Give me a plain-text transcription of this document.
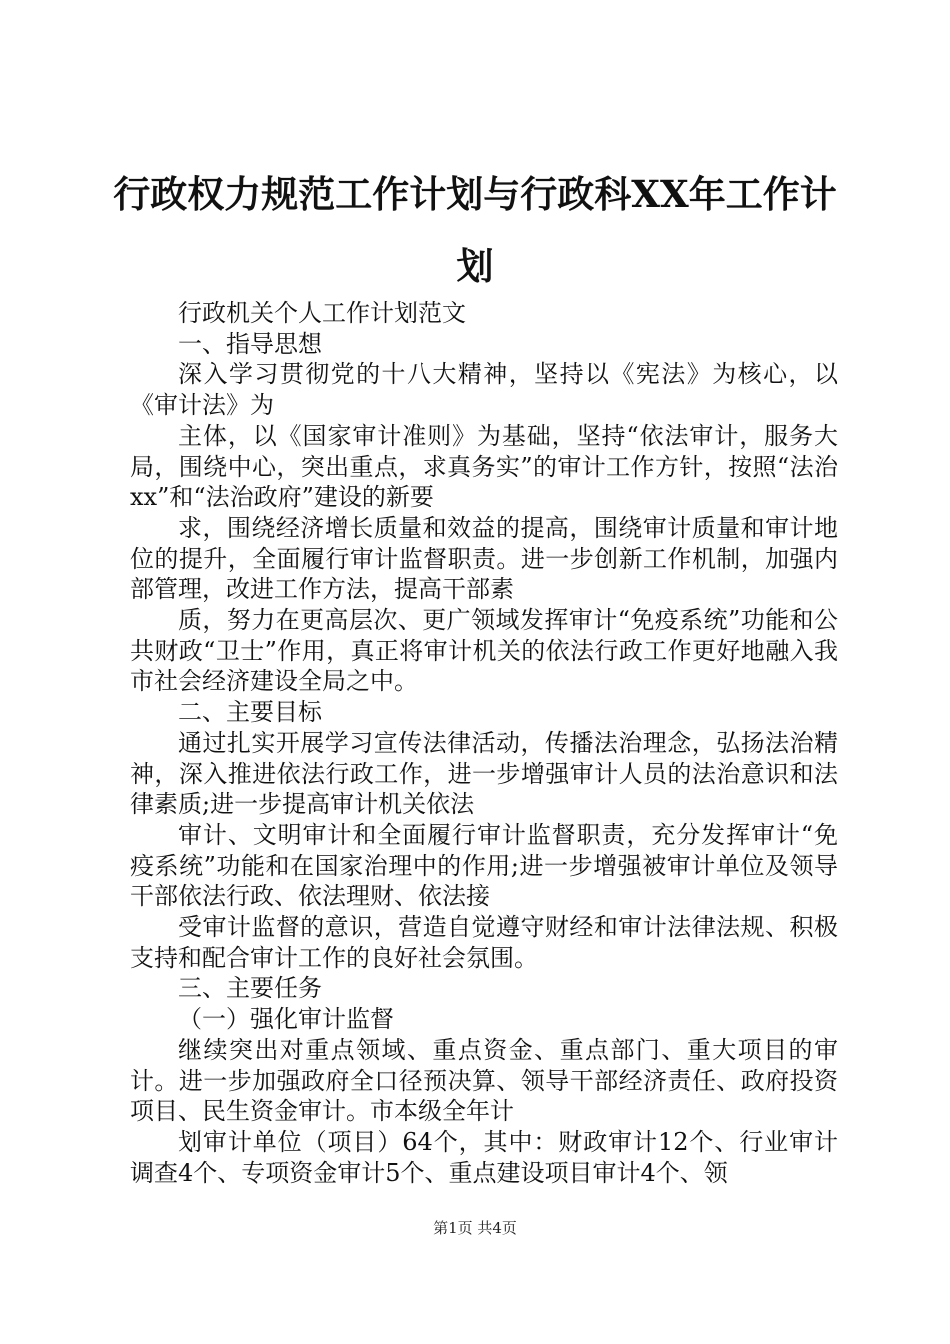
行政权力规范工作计划与行政科XX年工作计
划

行政机关个人工作计划范文

一、指导思想

深入学习贯彻党的十八大精神，坚持以《宪法》为核心，以《审计法》为

主体，以《国家审计准则》为基础，坚持“依法审计，服务大局，围绕中心，突出重点，求真务实”的审计工作方针，按照“法治xx”和“法治政府”建设的新要

求，围绕经济增长质量和效益的提高，围绕审计质量和审计地位的提升，全面履行审计监督职责。进一步创新工作机制，加强内部管理，改进工作方法，提高干部素

质，努力在更高层次、更广领域发挥审计“免疫系统”功能和公共财政“卫士”作用，真正将审计机关的依法行政工作更好地融入我市社会经济建设全局之中。

二、主要目标

通过扎实开展学习宣传法律活动，传播法治理念，弘扬法治精神，深入推进依法行政工作，进一步增强审计人员的法治意识和法律素质;进一步提高审计机关依法

审计、文明审计和全面履行审计监督职责，充分发挥审计“免疫系统”功能和在国家治理中的作用;进一步增强被审计单位及领导干部依法行政、依法理财、依法接

受审计监督的意识，营造自觉遵守财经和审计法律法规、积极支持和配合审计工作的良好社会氛围。

三、主要任务

（一）强化审计监督

继续突出对重点领域、重点资金、重点部门、重大项目的审计。进一步加强政府全口径预决算、领导干部经济责任、政府投资项目、民生资金审计。市本级全年计

划审计单位（项目）64个，其中：财政审计12个、行业审计调查4个、专项资金审计5个、重点建设项目审计4个、领

第1页 共4页
